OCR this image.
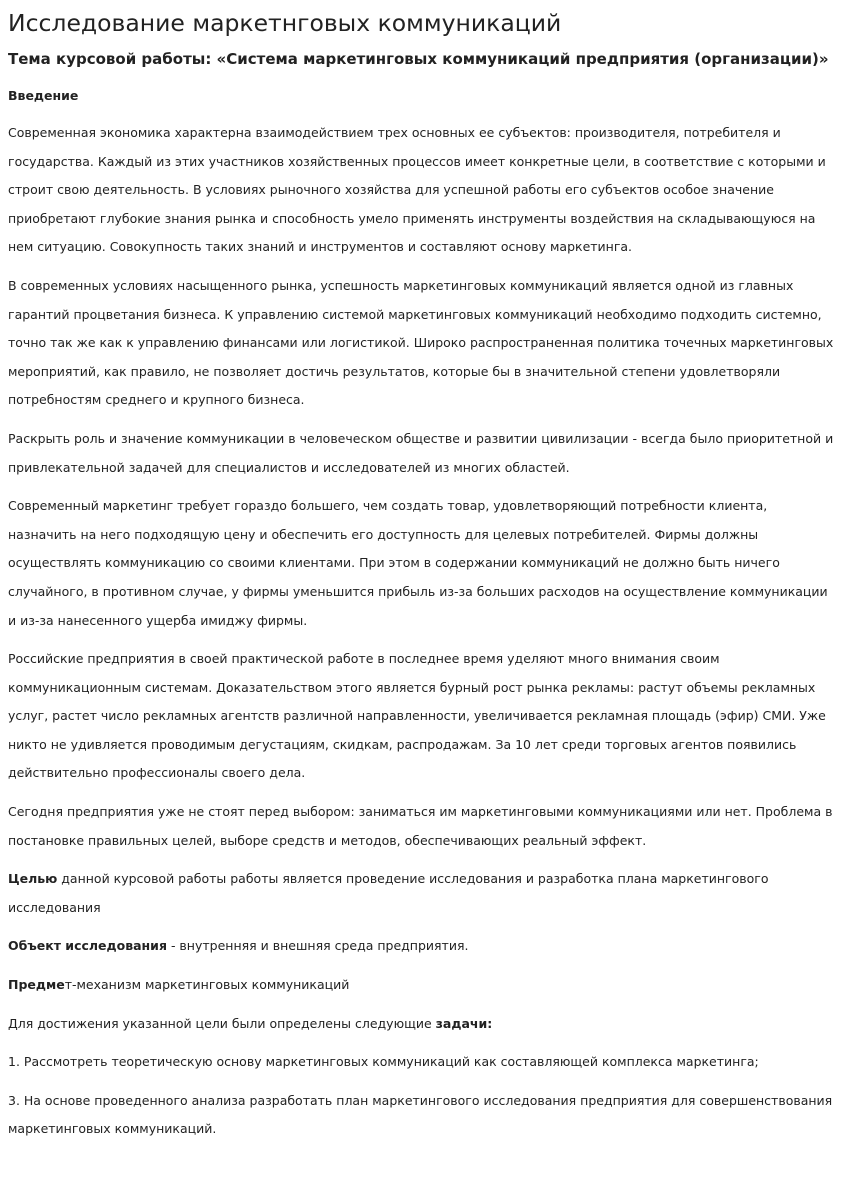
Исследование маркетнговых коммуникаций
Тема курсовой работы: «Система маркетинговых коммуникаций предприятия (организации)»
Введение

Современная экономика характерна взаимодействием трех основных ее субъектов: производителя, потребителя и государства. Каждый из этих участников хозяйственных процессов имеет конкретные цели, в соответствие с которыми и строит свою деятельность. В условиях рыночного хозяйства для успешной работы его субъектов особое значение приобретают глубокие знания рынка и способность умело применять инструменты воздействия на складывающуюся на нем ситуацию. Совокупность таких знаний и инструментов и составляют основу маркетинга.

В современных условиях насыщенного рынка, успешность маркетинговых коммуникаций является одной из главных гарантий процветания бизнеса. К управлению системой маркетинговых коммуникаций необходимо подходить системно, точно так же как к управлению финансами или логистикой. Широко распространенная политика точечных маркетинговых мероприятий, как правило, не позволяет достичь результатов, которые бы в значительной степени удовлетворяли потребностям среднего и крупного бизнеса.

Раскрыть роль и значение коммуникации в человеческом обществе и развитии цивилизации - всегда было приоритетной и привлекательной задачей для специалистов и исследователей из многих областей.

Современный маркетинг требует гораздо большего, чем создать товар, удовлетворяющий потребности клиента, назначить на него подходящую цену и обеспечить его доступность для целевых потребителей. Фирмы должны осуществлять коммуникацию со своими клиентами. При этом в содержании коммуникаций не должно быть ничего случайного, в противном случае, у фирмы уменьшится прибыль из-за больших расходов на осуществление коммуникации и из-за нанесенного ущерба имиджу фирмы.

Российские предприятия в своей практической работе в последнее время уделяют много внимания своим коммуникационным системам. Доказательством этого является бурный рост рынка рекламы: растут объемы рекламных услуг, растет число рекламных агентств различной направленности, увеличивается рекламная площадь (эфир) СМИ. Уже никто не удивляется проводимым дегустациям, скидкам, распродажам. За 10 лет среди торговых агентов появились действительно профессионалы своего дела.

Сегодня предприятия уже не стоят перед выбором: заниматься им маркетинговыми коммуникациями или нет. Проблема в постановке правильных целей, выборе средств и методов, обеспечивающих реальный эффект.

Целью данной курсовой работы работы является проведение исследования и разработка плана маркетингового исследования

Объект исследования - внутренняя и внешняя среда предприятия.

Предмет-механизм маркетинговых коммуникаций

Для достижения указанной цели были определены следующие задачи:

1. Рассмотреть теоретическую основу маркетинговых коммуникаций как составляющей комплекса маркетинга;

3. На основе проведенного анализа разработать план маркетингового исследования предприятия для совершенствования маркетинговых коммуникаций.
